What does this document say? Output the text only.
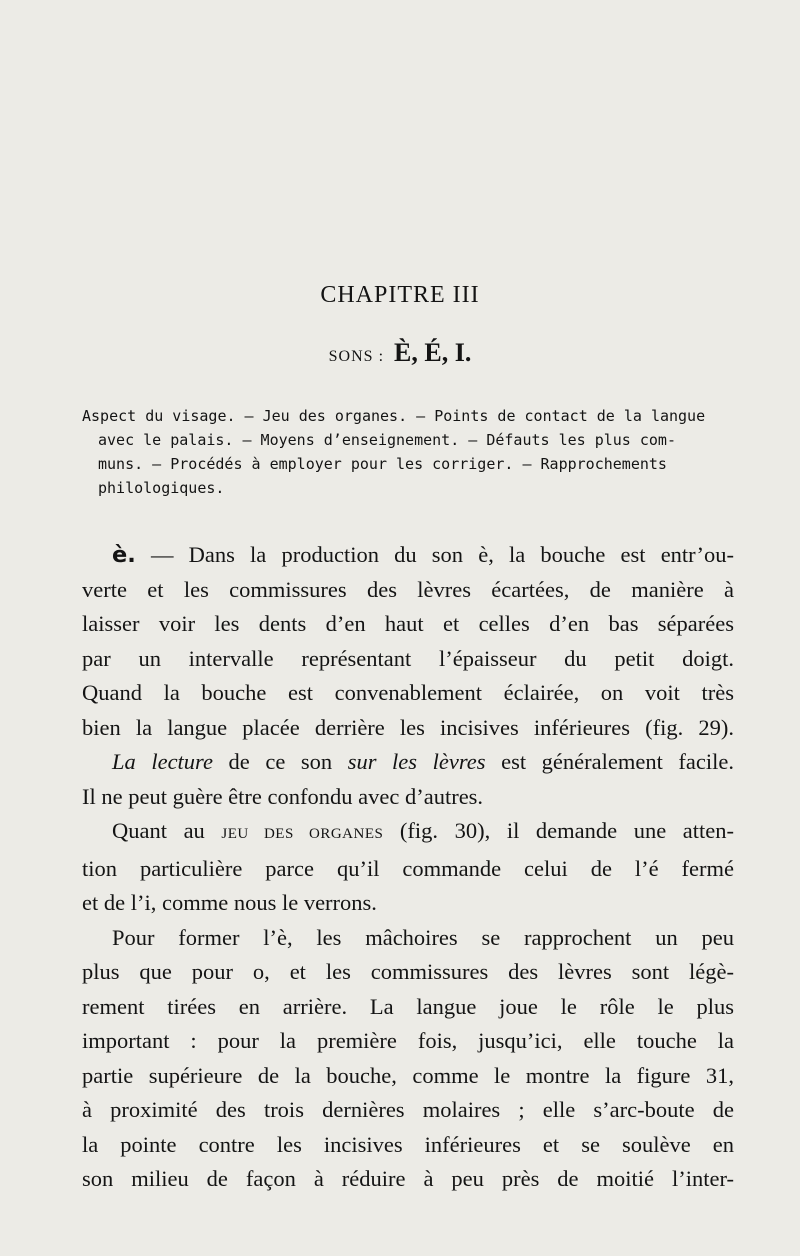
CHAPITRE III
SONS : È, É, I.
Aspect du visage. — Jeu des organes. — Points de contact de la langue
avec le palais. — Moyens d’enseignement. — Défauts les plus com-
muns. — Procédés à employer pour les corriger. — Rapprochements
philologiques.
è. — Dans la production du son è, la bouche est entr’ou-
verte et les commissures des lèvres écartées, de manière à
laisser voir les dents d’en haut et celles d’en bas séparées
par un intervalle représentant l’épaisseur du petit doigt.
Quand la bouche est convenablement éclairée, on voit très
bien la langue placée derrière les incisives inférieures (fig. 29).
La lecture de ce son sur les lèvres est généralement facile.
Il ne peut guère être confondu avec d’autres.
Quant au JEU DES ORGANES (fig. 30), il demande une atten-
tion particulière parce qu’il commande celui de l’é fermé
et de l’i, comme nous le verrons.
Pour former l’è, les mâchoires se rapprochent un peu
plus que pour o, et les commissures des lèvres sont légè-
rement tirées en arrière. La langue joue le rôle le plus
important : pour la première fois, jusqu’ici, elle touche la
partie supérieure de la bouche, comme le montre la figure 31,
à proximité des trois dernières molaires ; elle s’arc-boute de
la pointe contre les incisives inférieures et se soulève en
son milieu de façon à réduire à peu près de moitié l’inter-
